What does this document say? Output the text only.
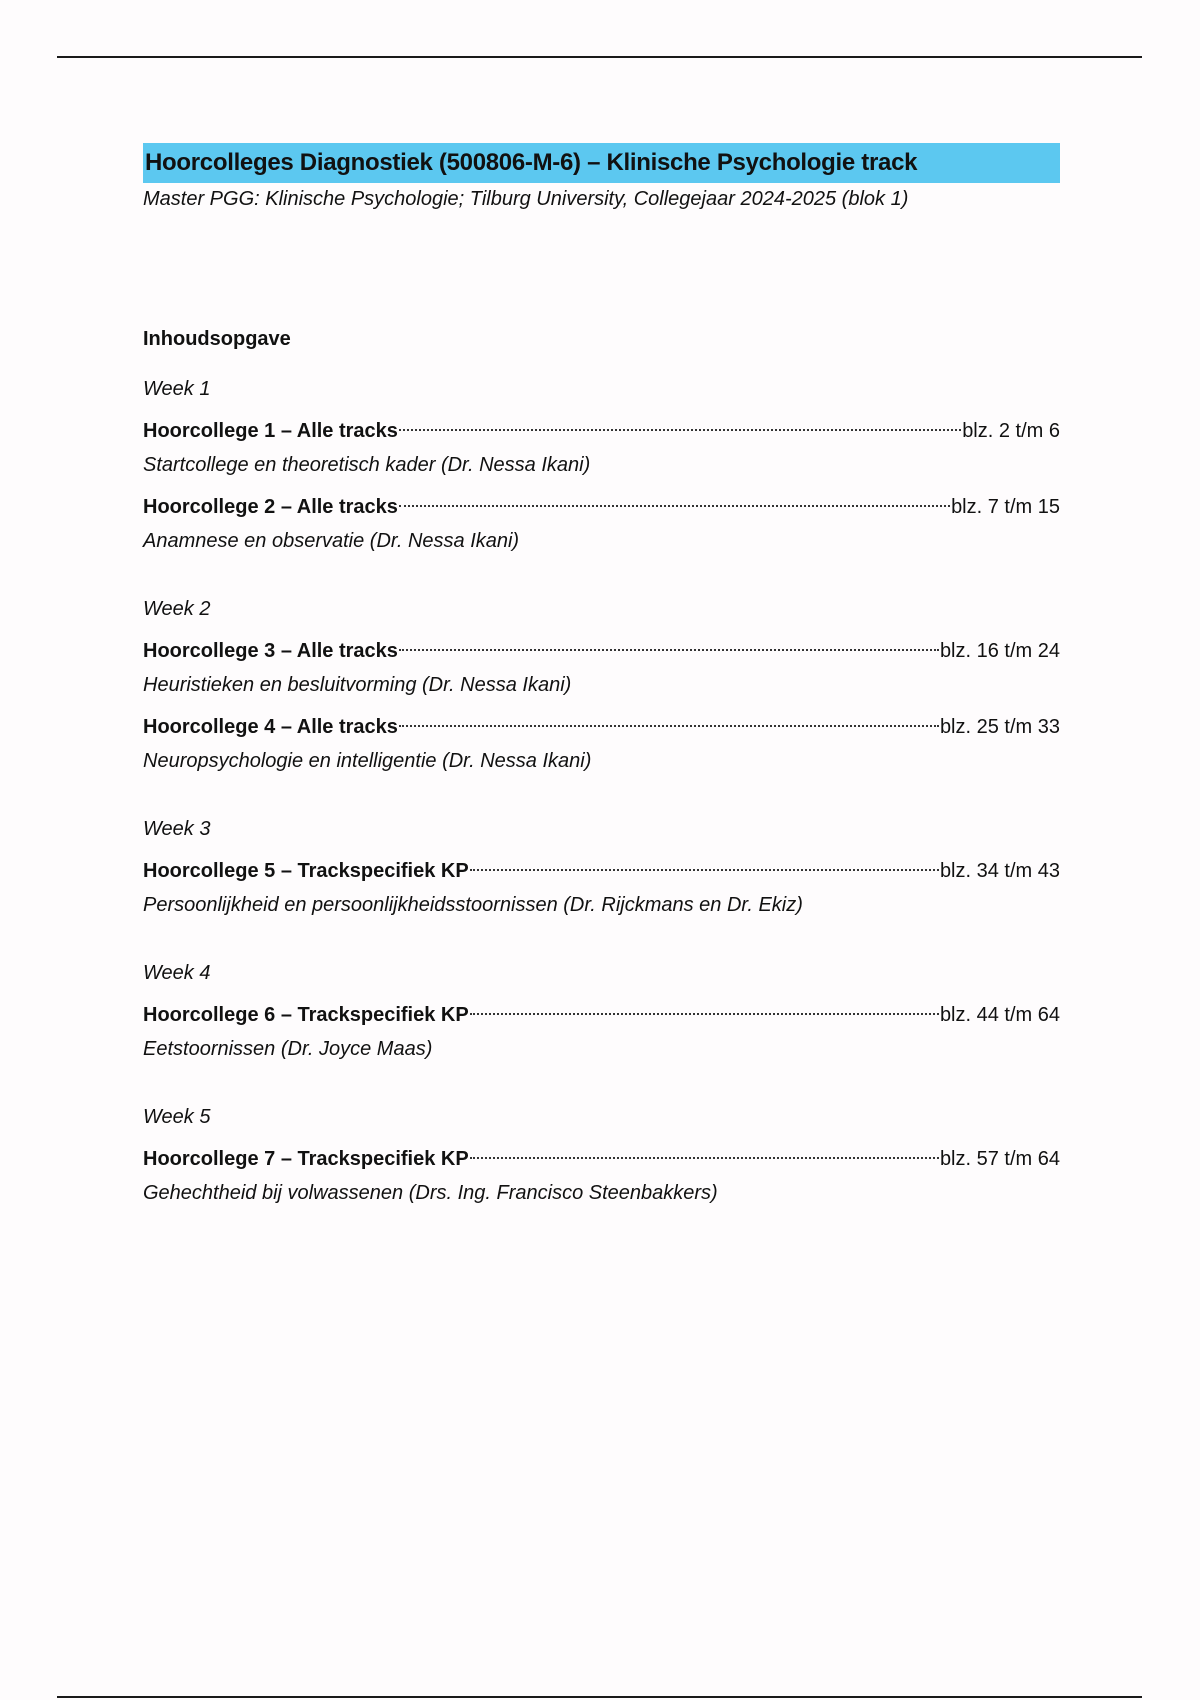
Hoorcolleges Diagnostiek (500806-M-6) – Klinische Psychologie track
Master PGG: Klinische Psychologie; Tilburg University, Collegejaar 2024-2025 (blok 1)
Inhoudsopgave
Week 1
Hoorcollege 1 – Alle tracks	blz. 2 t/m 6
Startcollege en theoretisch kader (Dr. Nessa Ikani)
Hoorcollege 2 – Alle tracks	blz. 7 t/m 15
Anamnese en observatie (Dr. Nessa Ikani)
Week 2
Hoorcollege 3 – Alle tracks	blz. 16 t/m 24
Heuristieken en besluitvorming (Dr. Nessa Ikani)
Hoorcollege 4 – Alle tracks	blz. 25 t/m 33
Neuropsychologie en intelligentie (Dr. Nessa Ikani)
Week 3
Hoorcollege 5 – Trackspecifiek KP	blz. 34 t/m 43
Persoonlijkheid en persoonlijkheidsstoornissen (Dr. Rijckmans en Dr. Ekiz)
Week 4
Hoorcollege 6 – Trackspecifiek KP	blz. 44 t/m 64
Eetstoornissen (Dr. Joyce Maas)
Week 5
Hoorcollege 7 – Trackspecifiek KP	blz. 57 t/m 64
Gehechtheid bij volwassenen (Drs. Ing. Francisco Steenbakkers)
